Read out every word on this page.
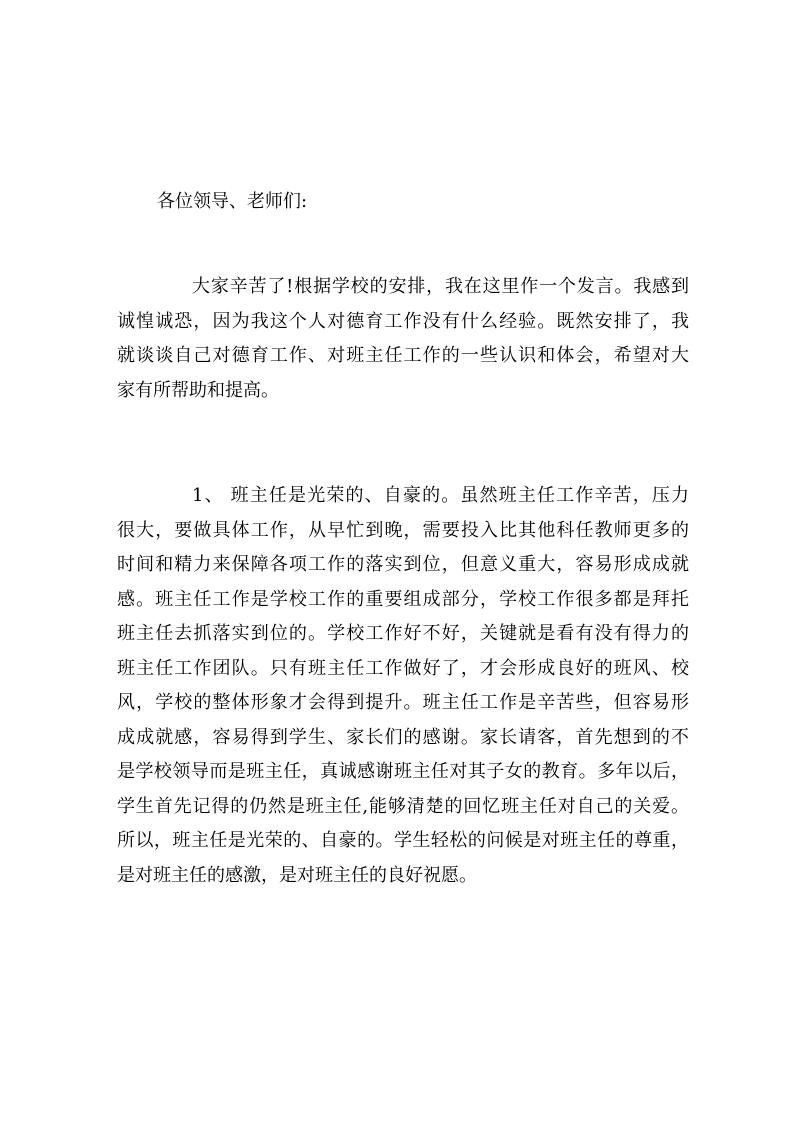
各位领导、老师们:
大家辛苦了!根据学校的安排，我在这里作一个发言。我感到
诚惶诚恐，因为我这个人对德育工作没有什么经验。既然安排了，我
就谈谈自己对德育工作、对班主任工作的一些认识和体会，希望对大
家有所帮助和提高。
1、 班主任是光荣的、自豪的。虽然班主任工作辛苦，压力
很大，要做具体工作，从早忙到晚，需要投入比其他科任教师更多的
时间和精力来保障各项工作的落实到位，但意义重大，容易形成成就
感。班主任工作是学校工作的重要组成部分，学校工作很多都是拜托
班主任去抓落实到位的。学校工作好不好，关键就是看有没有得力的
班主任工作团队。只有班主任工作做好了，才会形成良好的班风、校
风，学校的整体形象才会得到提升。班主任工作是辛苦些，但容易形
成成就感，容易得到学生、家长们的感谢。家长请客，首先想到的不
是学校领导而是班主任，真诚感谢班主任对其子女的教育。多年以后，
学生首先记得的仍然是班主任,能够清楚的回忆班主任对自己的关爱。
所以，班主任是光荣的、自豪的。学生轻松的问候是对班主任的尊重，
是对班主任的感激，是对班主任的良好祝愿。
